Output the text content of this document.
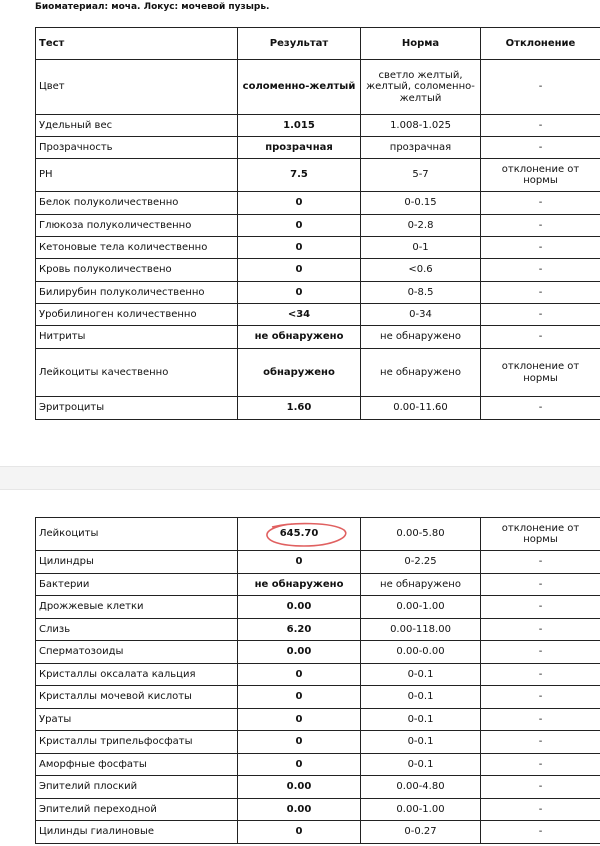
Биоматериал: моча. Локус: мочевой пузырь.
Тест	Результат	Норма	Отклонение
Цвет	соломенно-желтый	светло желтый, желтый, соломенно-желтый	-
Удельный вес	1.015	1.008-1.025	-
Прозрачность	прозрачная	прозрачная	-
PH	7.5	5-7	отклонение от нормы
Белок полуколичественно	0	0-0.15	-
Глюкоза полуколичественно	0	0-2.8	-
Кетоновые тела количественно	0	0-1	-
Кровь полуколичествено	0	<0.6	-
Билирубин полуколичественно	0	0-8.5	-
Уробилиноген количественно	<34	0-34	-
Нитриты	не обнаружено	не обнаружено	-
Лейкоциты качественно	обнаружено	не обнаружено	отклонение от нормы
Эритроциты	1.60	0.00-11.60	-
Лейкоциты	645.70	0.00-5.80	отклонение от нормы
Цилиндры	0	0-2.25	-
Бактерии	не обнаружено	не обнаружено	-
Дрожжевые клетки	0.00	0.00-1.00	-
Слизь	6.20	0.00-118.00	-
Сперматозоиды	0.00	0.00-0.00	-
Кристаллы оксалата кальция	0	0-0.1	-
Кристаллы мочевой кислоты	0	0-0.1	-
Ураты	0	0-0.1	-
Кристаллы трипельфосфаты	0	0-0.1	-
Аморфные фосфаты	0	0-0.1	-
Эпителий плоский	0.00	0.00-4.80	-
Эпителий переходной	0.00	0.00-1.00	-
Цилинды гиалиновые	0	0-0.27	-
